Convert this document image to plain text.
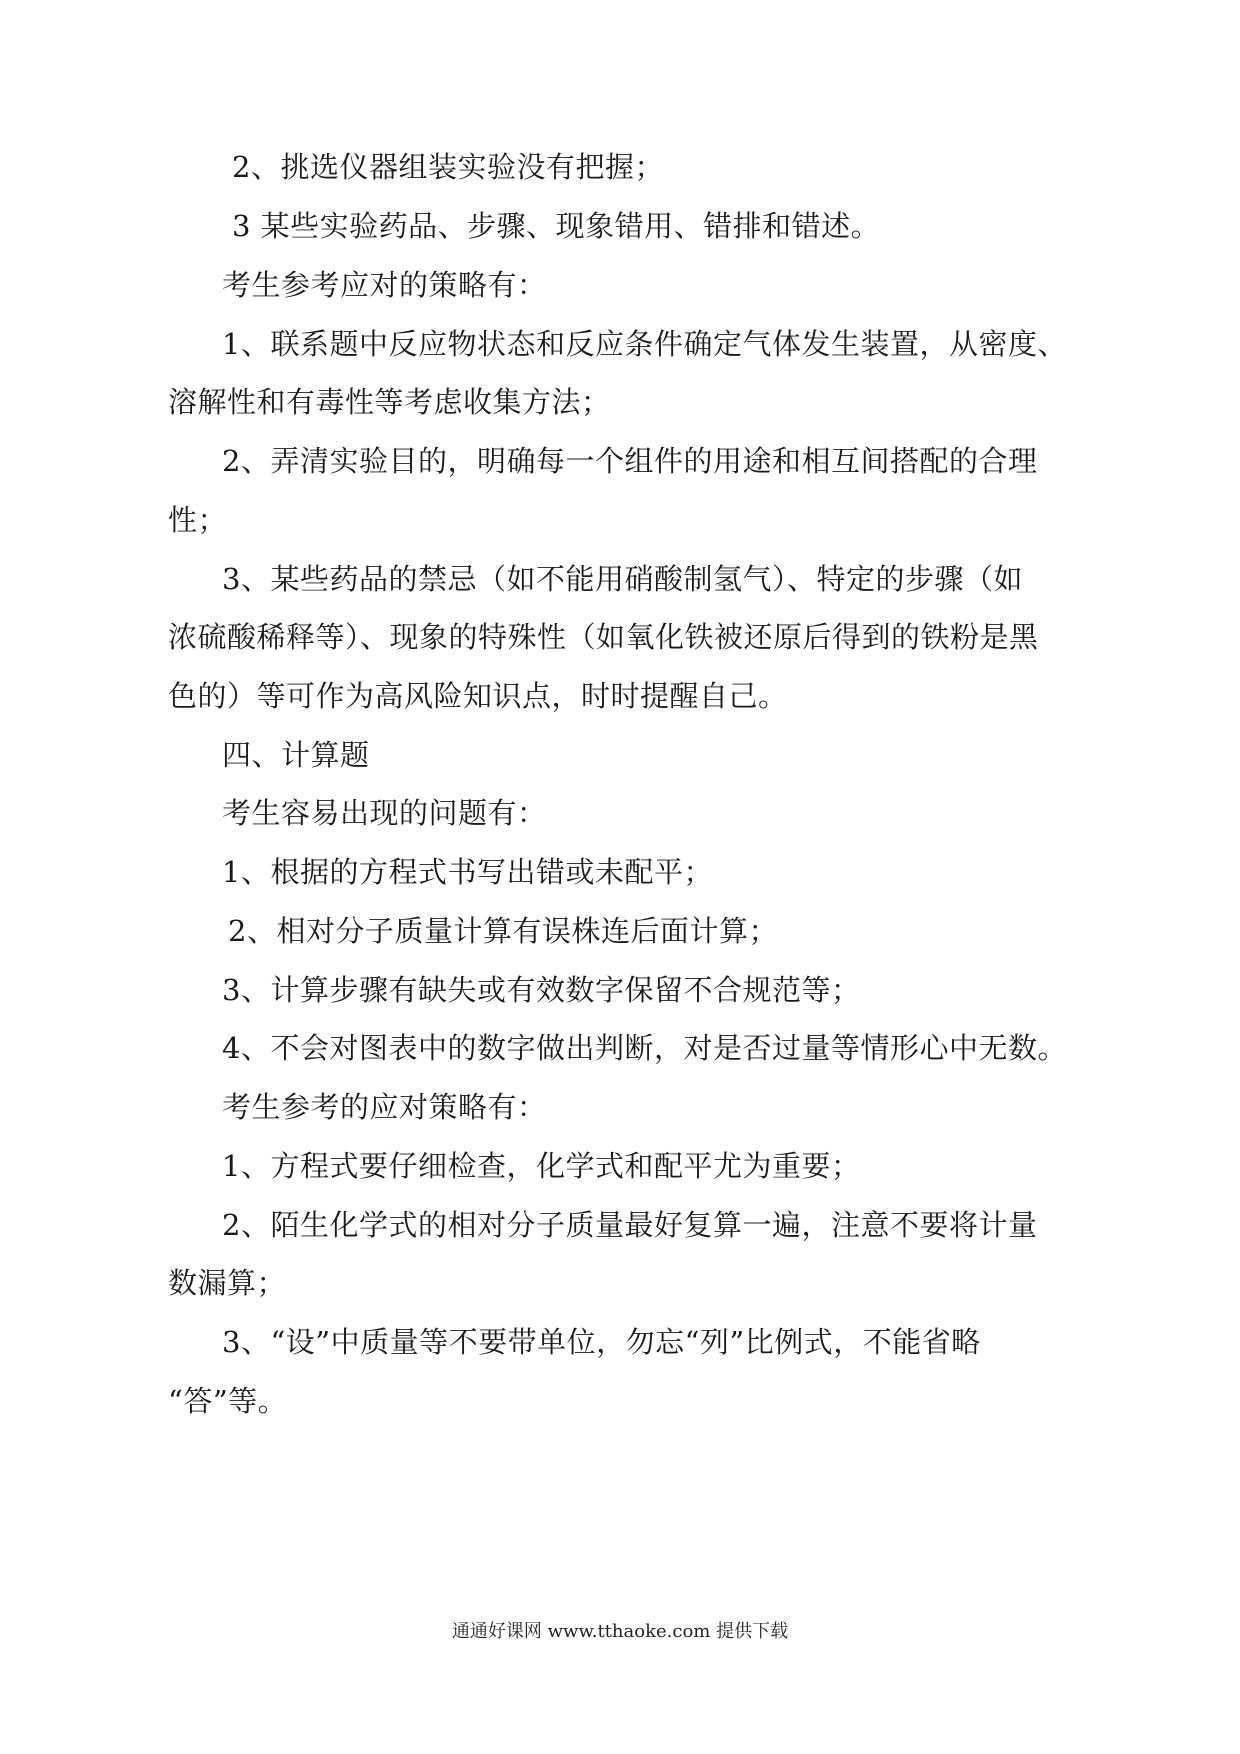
2、挑选仪器组装实验没有把握；
3 某些实验药品、步骤、现象错用、错排和错述。
考生参考应对的策略有：
1、联系题中反应物状态和反应条件确定气体发生装置，从密度、
溶解性和有毒性等考虑收集方法；
2、弄清实验目的，明确每一个组件的用途和相互间搭配的合理
性；
3、某些药品的禁忌（如不能用硝酸制氢气）、特定的步骤（如
浓硫酸稀释等）、现象的特殊性（如氧化铁被还原后得到的铁粉是黑
色的）等可作为高风险知识点，时时提醒自己。
四、计算题
考生容易出现的问题有：
1、根据的方程式书写出错或未配平；
2、相对分子质量计算有误株连后面计算；
3、计算步骤有缺失或有效数字保留不合规范等；
4、不会对图表中的数字做出判断，对是否过量等情形心中无数。
考生参考的应对策略有：
1、方程式要仔细检查，化学式和配平尤为重要；
2、陌生化学式的相对分子质量最好复算一遍，注意不要将计量
数漏算；
3、“设”中质量等不要带单位，勿忘“列”比例式，不能省略
“答”等。
通通好课网 www.tthaoke.com 提供下载
